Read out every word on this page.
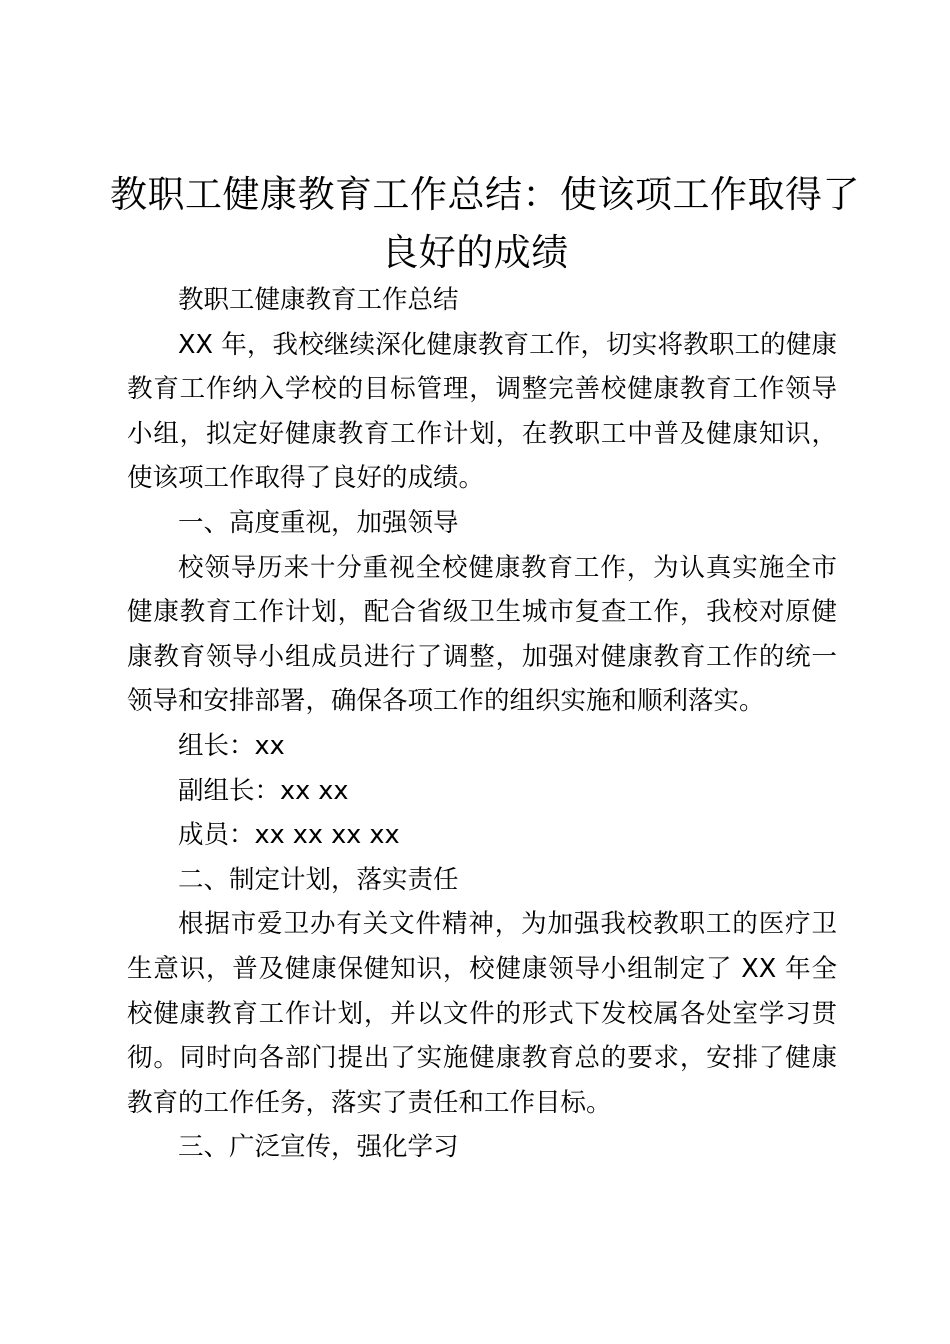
教职工健康教育工作总结：使该项工作取得了
良好的成绩
教职工健康教育工作总结
XX 年，我校继续深化健康教育工作，切实将教职工的健康
教育工作纳入学校的目标管理，调整完善校健康教育工作领导
小组，拟定好健康教育工作计划，在教职工中普及健康知识，
使该项工作取得了良好的成绩。
一、高度重视，加强领导
校领导历来十分重视全校健康教育工作，为认真实施全市
健康教育工作计划，配合省级卫生城市复查工作，我校对原健
康教育领导小组成员进行了调整，加强对健康教育工作的统一
领导和安排部署，确保各项工作的组织实施和顺利落实。
组长：xx
副组长：xx xx
成员：xx xx xx xx
二、制定计划，落实责任
根据市爱卫办有关文件精神，为加强我校教职工的医疗卫
生意识，普及健康保健知识，校健康领导小组制定了 XX 年全
校健康教育工作计划，并以文件的形式下发校属各处室学习贯
彻。同时向各部门提出了实施健康教育总的要求，安排了健康
教育的工作任务，落实了责任和工作目标。
三、广泛宣传，强化学习
